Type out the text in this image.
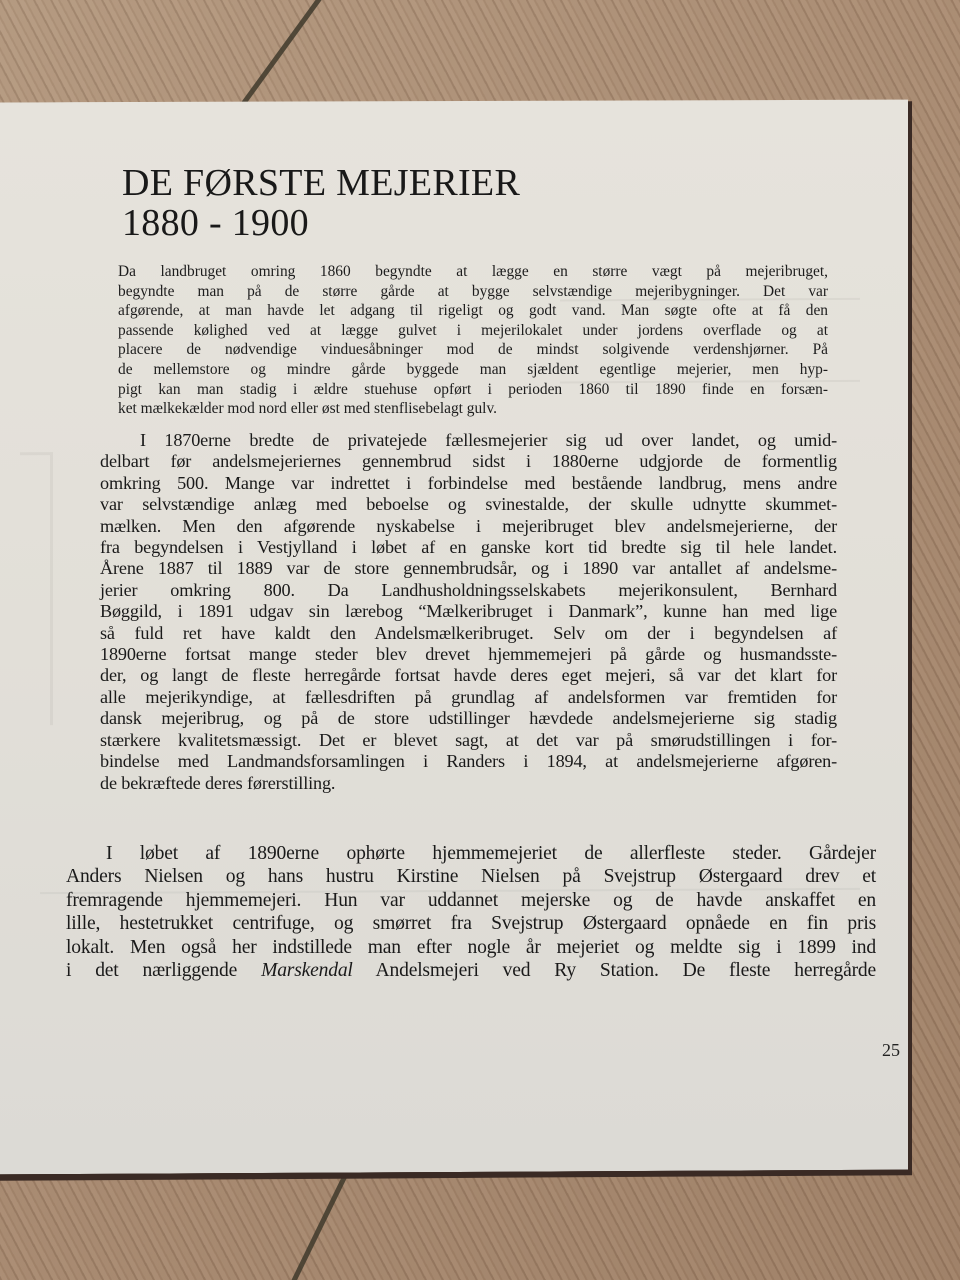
DE FØRSTE MEJERIER
1880 - 1900
Da landbruget omring 1860 begyndte at lægge en større vægt på mejeribruget,
begyndte man på de større gårde at bygge selvstændige mejeribygninger. Det var
afgørende, at man havde let adgang til rigeligt og godt vand. Man søgte ofte at få den
passende kølighed ved at lægge gulvet i mejerilokalet under jordens overflade og at
placere de nødvendige vinduesåbninger mod de mindst solgivende verdenshjørner. På
de mellemstore og mindre gårde byggede man sjældent egentlige mejerier, men hyp-
pigt kan man stadig i ældre stuehuse opført i perioden 1860 til 1890 finde en forsæn-
ket mælkekælder mod nord eller øst med stenflisebelagt gulv.
I 1870erne bredte de privatejede fællesmejerier sig ud over landet, og umid-
delbart før andelsmejeriernes gennembrud sidst i 1880erne udgjorde de formentlig
omkring 500. Mange var indrettet i forbindelse med bestående landbrug, mens andre
var selvstændige anlæg med beboelse og svinestalde, der skulle udnytte skummet-
mælken. Men den afgørende nyskabelse i mejeribruget blev andelsmejerierne, der
fra begyndelsen i Vestjylland i løbet af en ganske kort tid bredte sig til hele landet.
Årene 1887 til 1889 var de store gennembrudsår, og i 1890 var antallet af andelsme-
jerier omkring 800. Da Landhusholdningsselskabets mejerikonsulent, Bernhard
Bøggild, i 1891 udgav sin lærebog “Mælkeribruget i Danmark”, kunne han med lige
så fuld ret have kaldt den Andelsmælkeribruget. Selv om der i begyndelsen af
1890erne fortsat mange steder blev drevet hjemmemejeri på gårde og husmandsste-
der, og langt de fleste herregårde fortsat havde deres eget mejeri, så var det klart for
alle mejerikyndige, at fællesdriften på grundlag af andelsformen var fremtiden for
dansk mejeribrug, og på de store udstillinger hævdede andelsmejerierne sig stadig
stærkere kvalitetsmæssigt. Det er blevet sagt, at det var på smørudstillingen i for-
bindelse med Landmandsforsamlingen i Randers i 1894, at andelsmejerierne afgøren-
de bekræftede deres førerstilling.
I løbet af 1890erne ophørte hjemmemejeriet de allerfleste steder. Gårdejer
Anders Nielsen og hans hustru Kirstine Nielsen på Svejstrup Østergaard drev et
fremragende hjemmemejeri. Hun var uddannet mejerske og de havde anskaffet en
lille, hestetrukket centrifuge, og smørret fra Svejstrup Østergaard opnåede en fin pris
lokalt. Men også her indstillede man efter nogle år mejeriet og meldte sig i 1899 ind
i det nærliggende Marskendal Andelsmejeri ved Ry Station. De fleste herregårde
25
